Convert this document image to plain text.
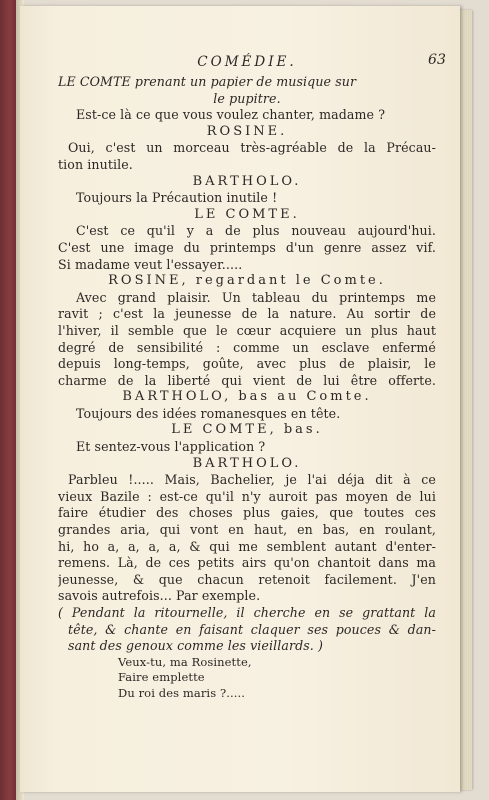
COMÉDIE.	63
LE COMTE prenant un papier de musique sur
le pupitre.
Est-ce là ce que vous voulez chanter, madame ?
ROSINE.
Oui, c'est un morceau très-agréable de la Précau-
tion inutile.
BARTHOLO.
Toujours la Précaution inutile !
LE COMTE.
C'est ce qu'il y a de plus nouveau aujourd'hui.
C'est une image du printemps d'un genre assez vif.
Si madame veut l'essayer.....
ROSINE, regardant le Comte.
Avec grand plaisir. Un tableau du printemps me
ravit ; c'est la jeunesse de la nature. Au sortir de
l'hiver, il semble que le cœur acquiere un plus haut
degré de sensibilité : comme un esclave enfermé
depuis long-temps, goûte, avec plus de plaisir, le
charme de la liberté qui vient de lui être offerte.
BARTHOLO, bas au Comte.
Toujours des idées romanesques en tête.
LE COMTE, bas.
Et sentez-vous l'application ?
BARTHOLO.
Parbleu !..... Mais, Bachelier, je l'ai déja dit à ce
vieux Bazile : est-ce qu'il n'y auroit pas moyen de lui
faire étudier des choses plus gaies, que toutes ces
grandes aria, qui vont en haut, en bas, en roulant,
hi, ho a, a, a, a, & qui me semblent autant d'enter-
remens. Là, de ces petits airs qu'on chantoit dans ma
jeunesse, & que chacun retenoit facilement. J'en
savois autrefois... Par exemple.
( Pendant la ritournelle, il cherche en se grattant la
tête, & chante en faisant claquer ses pouces & dan-
sant des genoux comme les vieillards. )
Veux-tu, ma Rosinette,
Faire emplette
Du roi des maris ?.....
